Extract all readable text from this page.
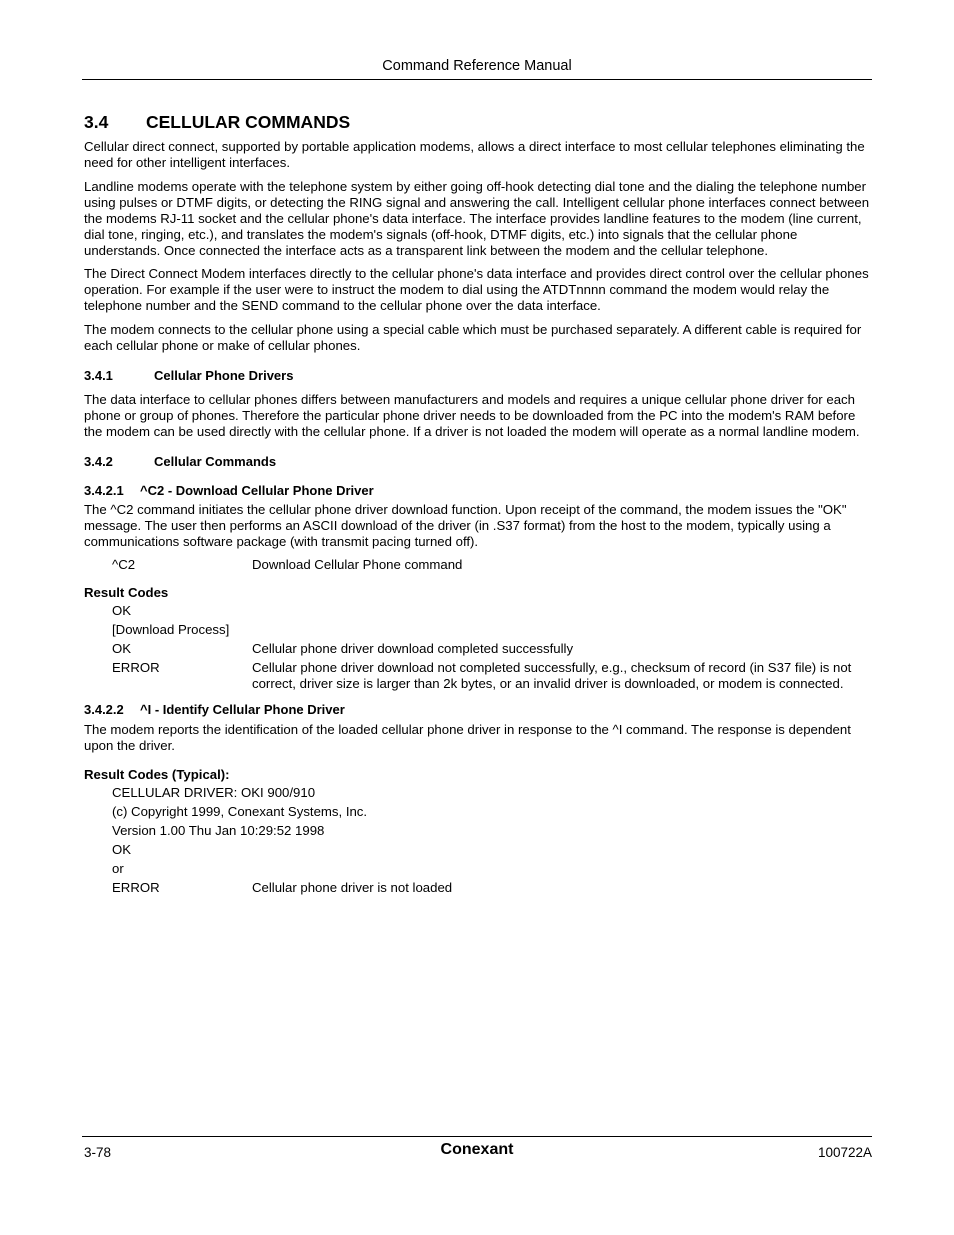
Command Reference Manual
3.4	CELLULAR COMMANDS

Cellular direct connect, supported by portable application modems, allows a direct interface to most cellular telephones eliminating the need for other intelligent interfaces.

Landline modems operate with the telephone system by either going off-hook detecting dial tone and the dialing the telephone number using pulses or DTMF digits, or detecting the RING signal and answering the call. Intelligent cellular phone interfaces connect between the modems RJ-11 socket and the cellular phone's data interface. The interface provides landline features to the modem (line current, dial tone, ringing, etc.), and translates the modem's signals (off-hook, DTMF digits, etc.) into signals that the cellular phone understands. Once connected the interface acts as a transparent link between the modem and the cellular telephone.

The Direct Connect Modem interfaces directly to the cellular phone's data interface and provides direct control over the cellular phones operation. For example if the user were to instruct the modem to dial using the ATDTnnnn command the modem would relay the telephone number and the SEND command to the cellular phone over the data interface.

The modem connects to the cellular phone using a special cable which must be purchased separately. A different cable is required for each cellular phone or make of cellular phones.

3.4.1	Cellular Phone Drivers

The data interface to cellular phones differs between manufacturers and models and requires a unique cellular phone driver for each phone or group of phones. Therefore the particular phone driver needs to be downloaded from the PC into the modem's RAM before the modem can be used directly with the cellular phone. If a driver is not loaded the modem will operate as a normal landline modem.

3.4.2	Cellular Commands
3.4.2.1 ^C2 - Download Cellular Phone Driver

The ^C2 command initiates the cellular phone driver download function. Upon receipt of the command, the modem issues the "OK" message. The user then performs an ASCII download of the driver (in .S37 format) from the host to the modem, typically using a communications software package (with transmit pacing turned off).

^C2	Download Cellular Phone command
Result Codes
OK
[Download Process]
OK	Cellular phone driver download completed successfully
ERROR	Cellular phone driver download not completed successfully, e.g., checksum of record (in S37 file) is not correct, driver size is larger than 2k bytes, or an invalid driver is downloaded, or modem is connected.
3.4.2.2 ^I - Identify Cellular Phone Driver

The modem reports the identification of the loaded cellular phone driver in response to the ^I command. The response is dependent upon the driver.

Result Codes (Typical):
CELLULAR DRIVER: OKI 900/910
(c) Copyright 1999, Conexant Systems, Inc.
Version 1.00 Thu Jan 10:29:52 1998
OK
or
ERROR	Cellular phone driver is not loaded
3-78	Conexant	100722A
